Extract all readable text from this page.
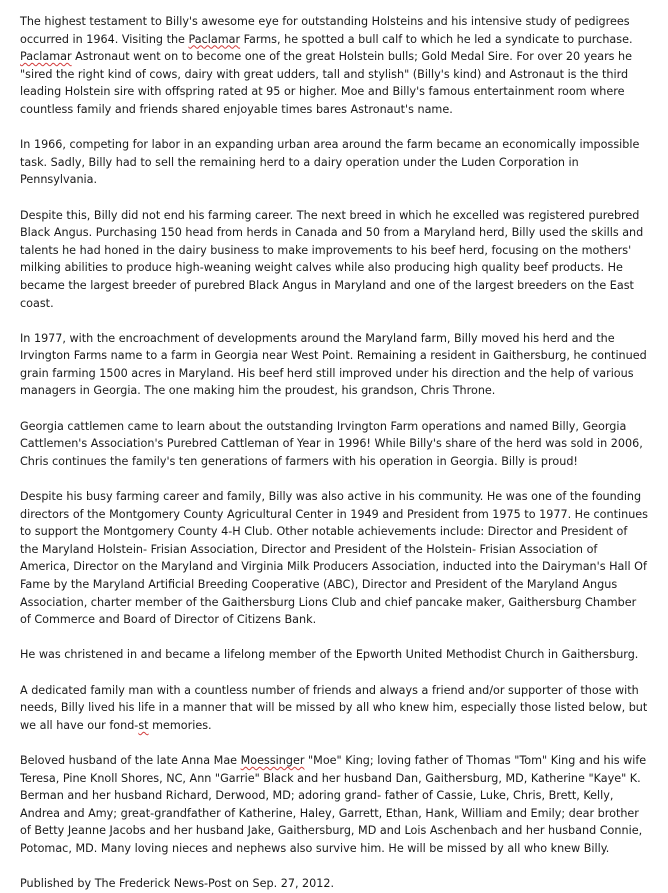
The highest testament to Billy's awesome eye for outstanding Holsteins and his intensive study of pedigrees occurred in 1964. Visiting the Paclamar Farms, he spotted a bull calf to which he led a syndicate to purchase. Paclamar Astronaut went on to become one of the great Holstein bulls; Gold Medal Sire. For over 20 years he "sired the right kind of cows, dairy with great udders, tall and stylish" (Billy's kind) and Astronaut is the third leading Holstein sire with offspring rated at 95 or higher. Moe and Billy's famous entertainment room where countless family and friends shared enjoyable times bares Astronaut's name.

In 1966, competing for labor in an expanding urban area around the farm became an economically impossible task. Sadly, Billy had to sell the remaining herd to a dairy operation under the Luden Corporation in Pennsylvania.

Despite this, Billy did not end his farming career. The next breed in which he excelled was registered purebred Black Angus. Purchasing 150 head from herds in Canada and 50 from a Maryland herd, Billy used the skills and talents he had honed in the dairy business to make improvements to his beef herd, focusing on the mothers' milking abilities to produce high-weaning weight calves while also producing high quality beef products. He became the largest breeder of purebred Black Angus in Maryland and one of the largest breeders on the East coast.

In 1977, with the encroachment of developments around the Maryland farm, Billy moved his herd and the Irvington Farms name to a farm in Georgia near West Point. Remaining a resident in Gaithersburg, he continued grain farming 1500 acres in Maryland. His beef herd still improved under his direction and the help of various managers in Georgia. The one making him the proudest, his grandson, Chris Throne.

Georgia cattlemen came to learn about the outstanding Irvington Farm operations and named Billy, Georgia Cattlemen's Association's Purebred Cattleman of Year in 1996! While Billy's share of the herd was sold in 2006, Chris continues the family's ten generations of farmers with his operation in Georgia. Billy is proud!

Despite his busy farming career and family, Billy was also active in his community. He was one of the founding directors of the Montgomery County Agricultural Center in 1949 and President from 1975 to 1977. He continues to support the Montgomery County 4-H Club. Other notable achievements include: Director and President of the Maryland Holstein- Frisian Association, Director and President of the Holstein- Frisian Association of America, Director on the Maryland and Virginia Milk Producers Association, inducted into the Dairyman's Hall Of Fame by the Maryland Artificial Breeding Cooperative (ABC), Director and President of the Maryland Angus Association, charter member of the Gaithersburg Lions Club and chief pancake maker, Gaithersburg Chamber of Commerce and Board of Director of Citizens Bank.

He was christened in and became a lifelong member of the Epworth United Methodist Church in Gaithersburg.

A dedicated family man with a countless number of friends and always a friend and/or supporter of those with needs, Billy lived his life in a manner that will be missed by all who knew him, especially those listed below, but we all have our fond-st memories.

Beloved husband of the late Anna Mae Moessinger "Moe" King; loving father of Thomas "Tom" King and his wife Teresa, Pine Knoll Shores, NC, Ann "Garrie" Black and her husband Dan, Gaithersburg, MD, Katherine "Kaye" K. Berman and her husband Richard, Derwood, MD; adoring grand- father of Cassie, Luke, Chris, Brett, Kelly, Andrea and Amy; great-grandfather of Katherine, Haley, Garrett, Ethan, Hank, William and Emily; dear brother of Betty Jeanne Jacobs and her husband Jake, Gaithersburg, MD and Lois Aschenbach and her husband Connie, Potomac, MD. Many loving nieces and nephews also survive him. He will be missed by all who knew Billy.

Published by The Frederick News-Post on Sep. 27, 2012.
